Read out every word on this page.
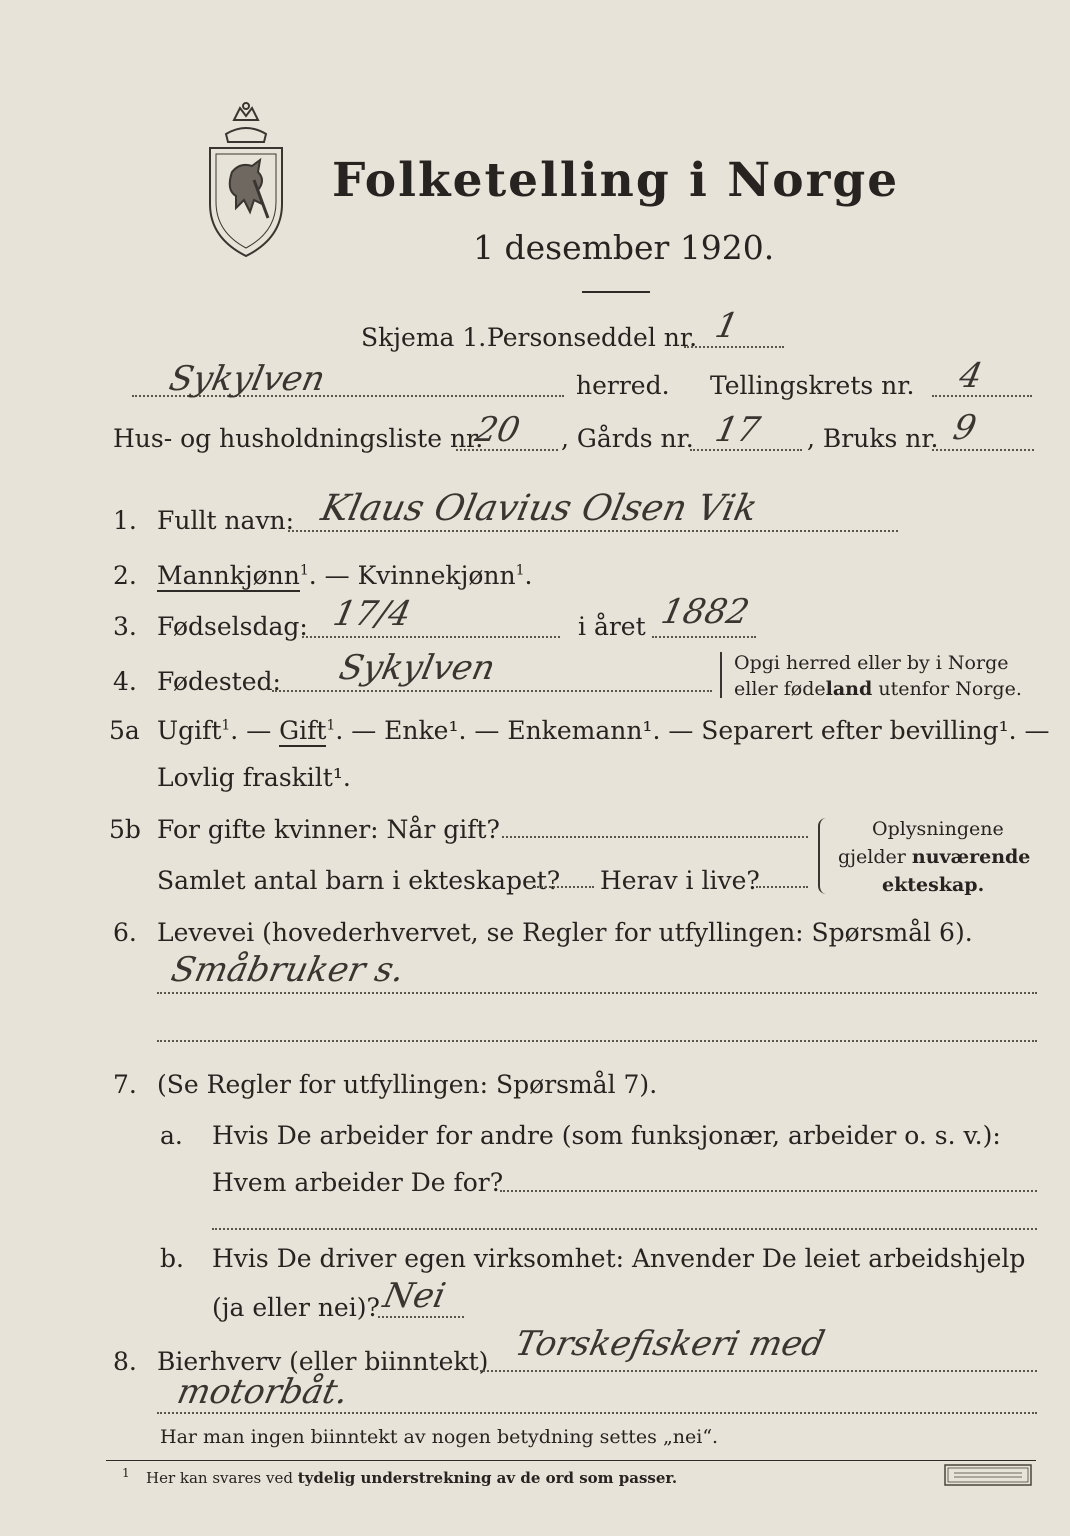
Folketelling i Norge
1 desember 1920.
Skjema 1. Personseddel nr. 1
Sykylven	herred. Tellingskrets nr. 4
Hus- og husholdningsliste nr.
20 , Gårds nr. 17 , Bruks nr. 9
1. Fullt navn: Klaus Olavius Olsen Vik
2. Mannkjønn$^1$. — Kvinnekjønn$^1$.
3. Fødselsdag: 17/4	i året 1882
4. Fødested: Sykylven	Opgi herred eller by i Norge
eller fødeland utenfor Norge.
5a Ugift$^1$. — Gift$^1$. — Enke¹. — Enkemann¹. — Separert efter bevilling¹. —
Lovlig fraskilt¹.
5b For gifte kvinner: Når gift?
Samlet antal barn i ekteskapet? Herav i live?
Oplysningene
gjelder nuværende
ekteskap.
6. Levevei (hovederhvervet, se Regler for utfyllingen: Spørsmål 6).
Småbruker s.
7. (Se Regler for utfyllingen: Spørsmål 7).
a. Hvis De arbeider for andre (som funksjonær, arbeider o. s. v.):
Hvem arbeider De for?
b. Hvis De driver egen virksomhet: Anvender De leiet arbeidshjelp
(ja eller nei)? Nei
8. Bierhverv (eller biinntekt) Torskefiskeri med
motorbåt.
Har man ingen biinntekt av nogen betydning settes „nei“.
1 Her kan svares ved tydelig understrekning av de ord som passer.
